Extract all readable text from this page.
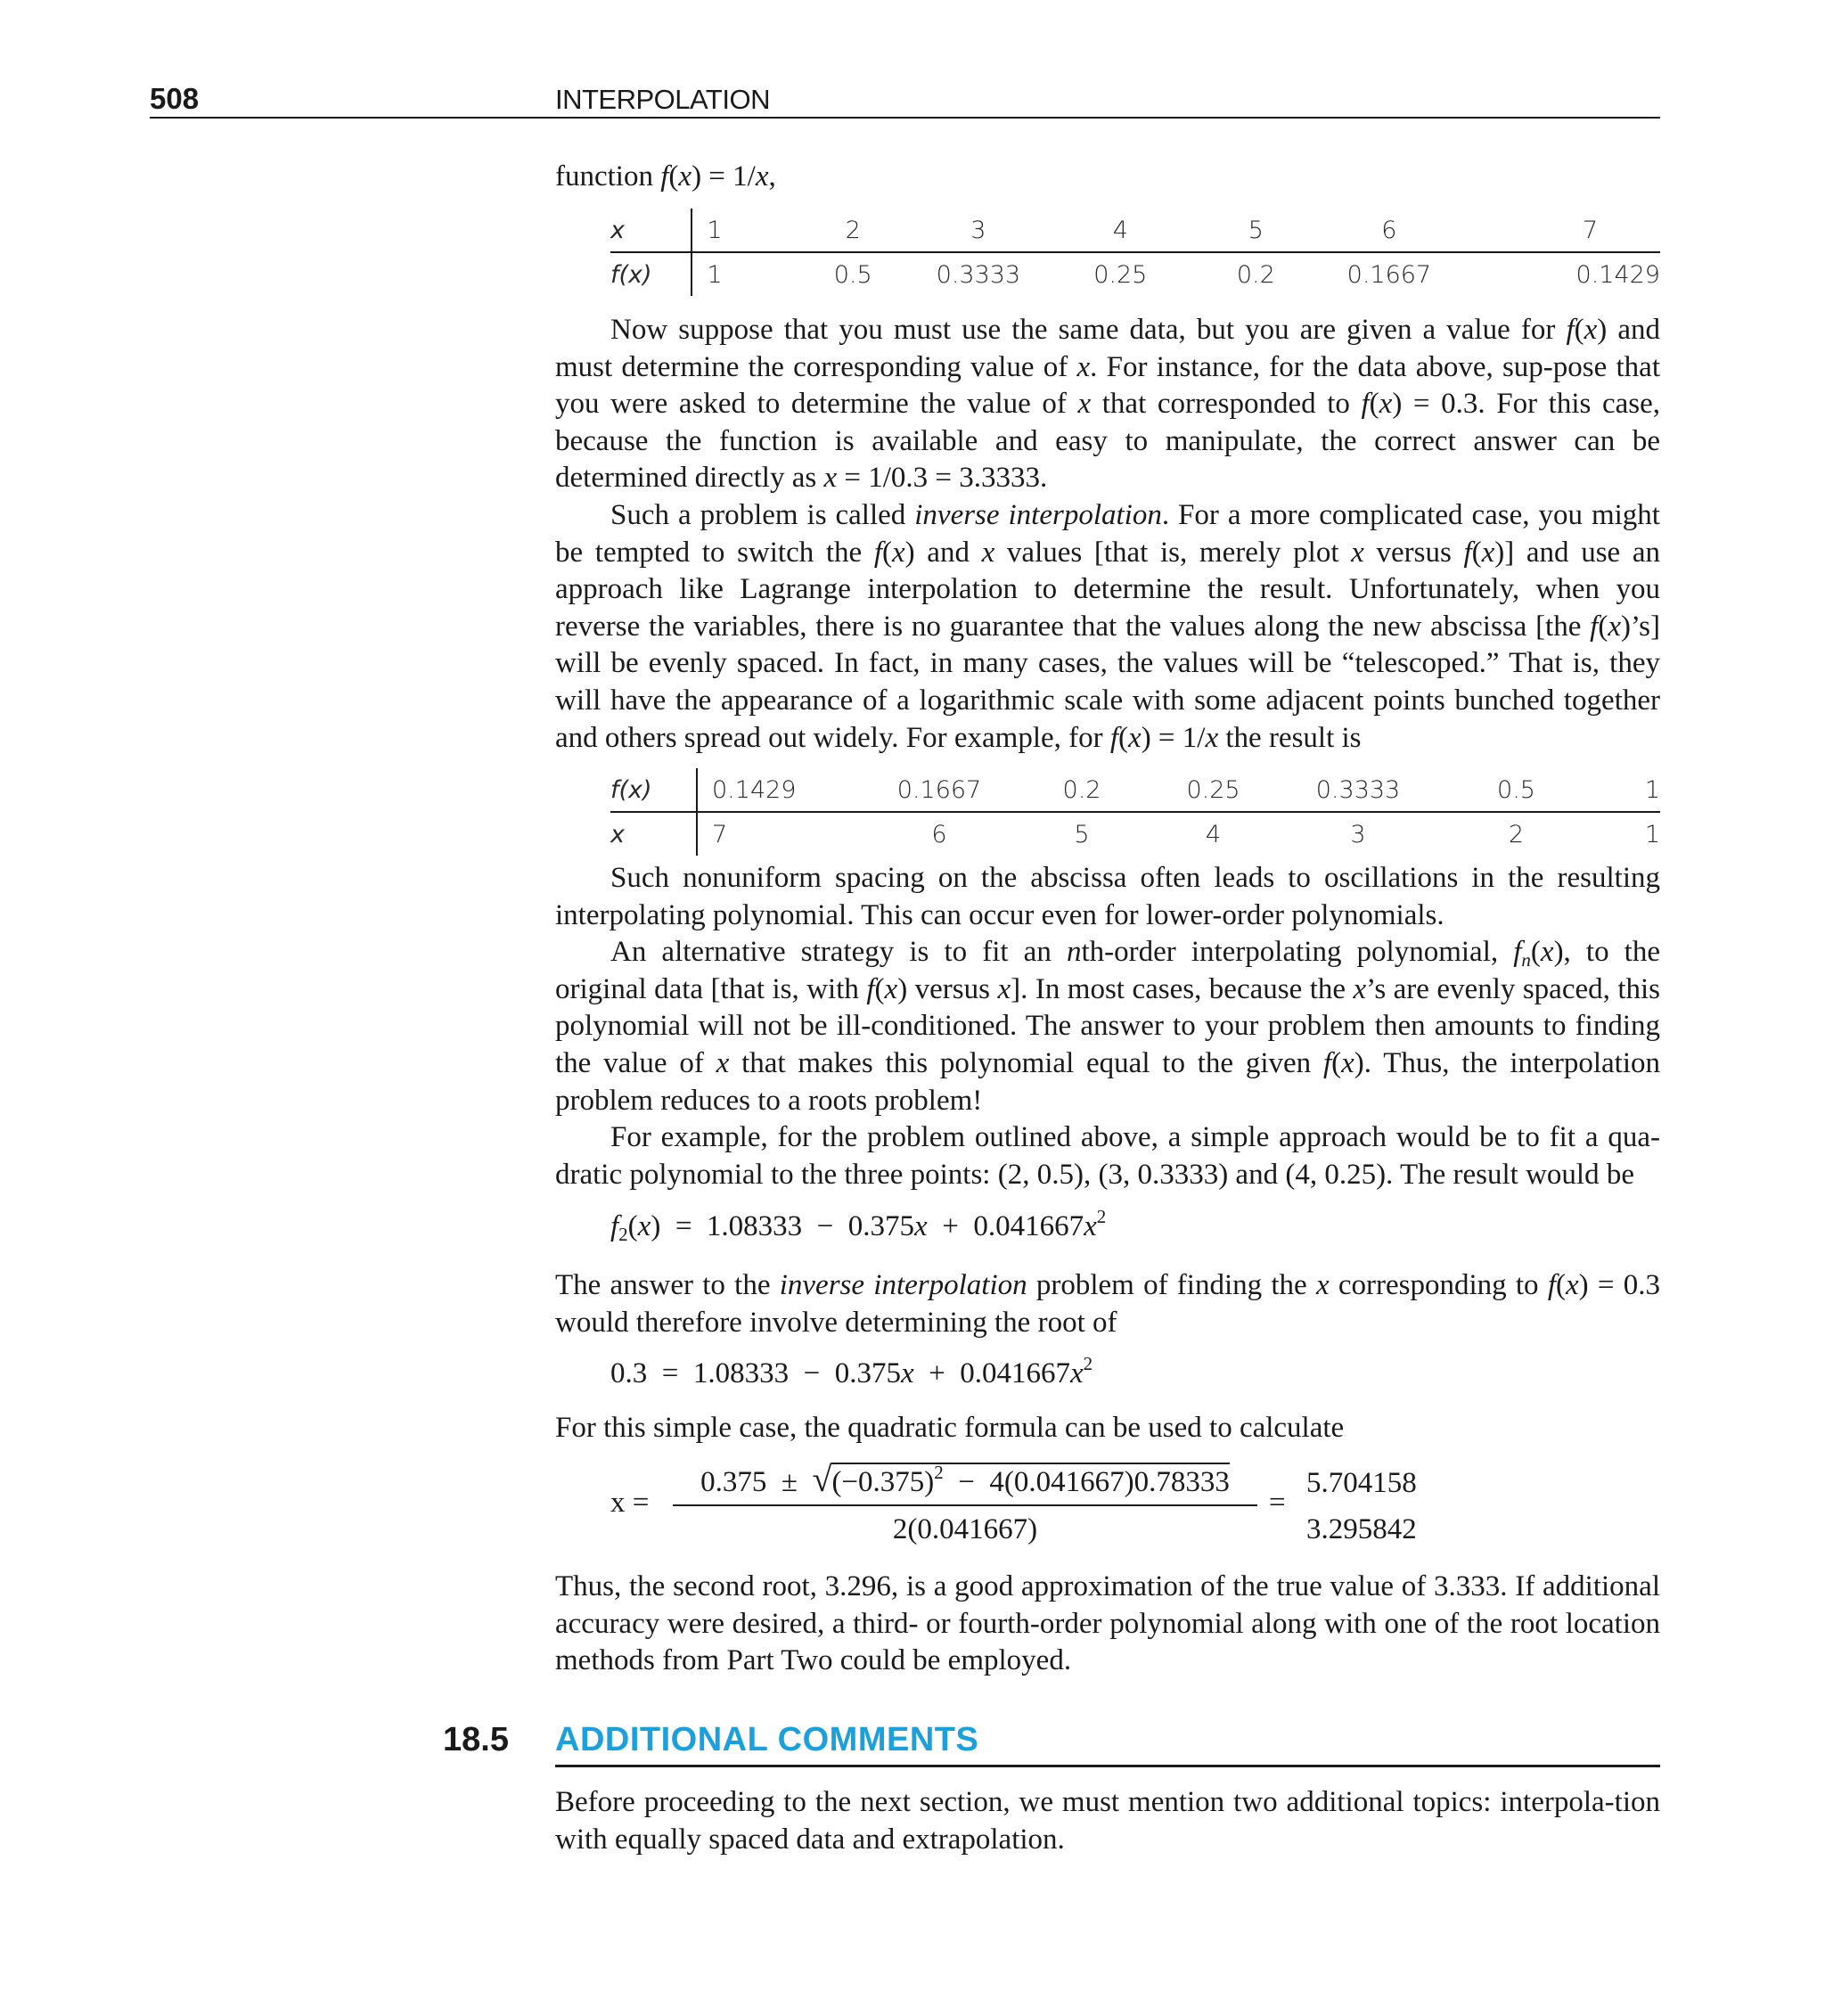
508	INTERPOLATION
function f(x) = 1/x,
x	1	2	3	4	5	6	7
f(x)	1	0.5	0.3333	0.25	0.2	0.1667	0.1429

Now suppose that you must use the same data, but you are given a value for f(x) and must determine the corresponding value of x. For instance, for the data above, sup-pose that you were asked to determine the value of x that corresponded to f(x) = 0.3. For this case, because the function is available and easy to manipulate, the correct answer can be determined directly as x = 1/0.3 = 3.3333.

Such a problem is called inverse interpolation. For a more complicated case, you might be tempted to switch the f(x) and x values [that is, merely plot x versus f(x)] and use an approach like Lagrange interpolation to determine the result. Unfortunately, when you reverse the variables, there is no guarantee that the values along the new abscissa [the f(x)’s] will be evenly spaced. In fact, in many cases, the values will be “telescoped.” That is, they will have the appearance of a logarithmic scale with some adjacent points bunched together and others spread out widely. For example, for f(x) = 1/x the result is

f(x)	0.1429	0.1667	0.2	0.25	0.3333	0.5	1
x	7	6	5	4	3	2	1

Such nonuniform spacing on the abscissa often leads to oscillations in the resulting interpolating polynomial. This can occur even for lower-order polynomials.

An alternative strategy is to fit an nth-order interpolating polynomial, $f_n(x)$, to the original data [that is, with f(x) versus x]. In most cases, because the x’s are evenly spaced, this polynomial will not be ill-conditioned. The answer to your problem then amounts to finding the value of x that makes this polynomial equal to the given f(x). Thus, the interpolation problem reduces to a roots problem!

For example, for the problem outlined above, a simple approach would be to fit a qua-dratic polynomial to the three points: (2, 0.5), (3, 0.3333) and (4, 0.25). The result would be

$f_2(x) = 1.08333 - 0.375x + 0.041667x^2$

The answer to the inverse interpolation problem of finding the x corresponding to f(x) = 0.3 would therefore involve determining the root of

$0.3 = 1.08333 - 0.375x + 0.041667x^2$

For this simple case, the quadratic formula can be used to calculate

x =
$0.375 \pm √(-0.375)^2 - 4(0.041667)0.78333$
2(0.041667)
=
5.704158
3.295842

Thus, the second root, 3.296, is a good approximation of the true value of 3.333. If additional accuracy were desired, a third- or fourth-order polynomial along with one of the root location methods from Part Two could be employed.

18.5 ADDITIONAL COMMENTS

Before proceeding to the next section, we must mention two additional topics: interpola-tion with equally spaced data and extrapolation.
